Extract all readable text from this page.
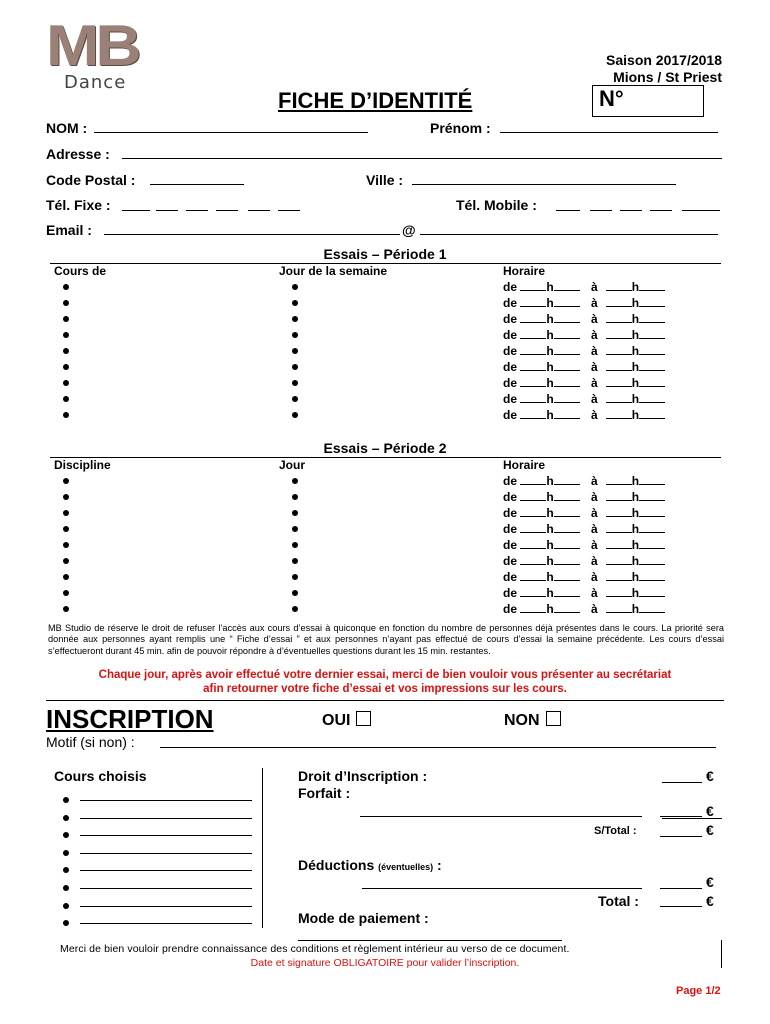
MB
Dance
Saison 2017/2018
Mions / St Priest
FICHE D’IDENTITÉ	N°
NOM :	Prénom :
Adresse :
Code Postal :	Ville :
Tél. Fixe :	Tél. Mobile :
Email :	@
Essais – Période 1
Cours de	Jour de la semaine	Horaire
		de h à h
		de h à h
		de h à h
		de h à h
		de h à h
		de h à h
		de h à h
		de h à h
		de h à h
Essais – Période 2
Discipline	Jour	Horaire
		de h à h
		de h à h
		de h à h
		de h à h
		de h à h
		de h à h
		de h à h
		de h à h
		de h à h
MB Studio de réserve le droit de refuser l’accès aux cours d’essai à quiconque en fonction du nombre de personnes déjà présentes dans le cours. La priorité sera donnée aux personnes ayant remplis une “ Fiche d’essai ” et aux personnes n’ayant pas effectué de cours d’essai la semaine précédente. Les cours d’essai s’effectueront durant 45 min. afin de pouvoir répondre à d’éventuelles questions durant les 15 min. restantes.
Chaque jour, après avoir effectué votre dernier essai, merci de bien vouloir vous présenter au secrétariat
afin retourner votre fiche d’essai et vos impressions sur les cours.
INSCRIPTION	OUI	NON
Motif (si non) :
Cours choisis	Droit d’Inscription :	€
Forfait :
€
S/Total :	€
Déductions (éventuelles) :
€
Total :	€
Mode de paiement :
Merci de bien vouloir prendre connaissance des conditions et règlement intérieur au verso de ce document.
Date et signature OBLIGATOIRE pour valider l’inscription.
Page 1/2
